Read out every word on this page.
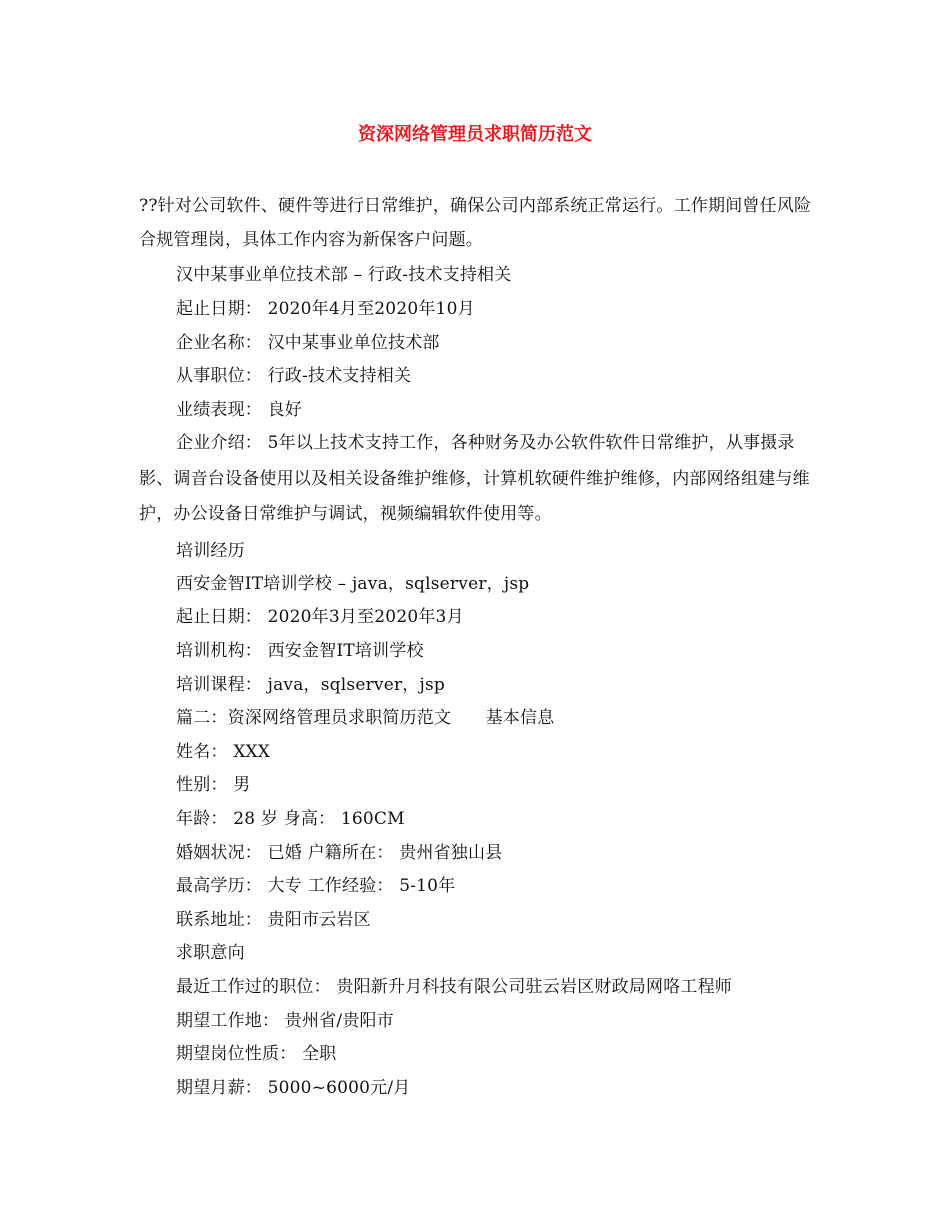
资深网络管理员求职简历范文
??针对公司软件、硬件等进行日常维护，确保公司内部系统正常运行。工作期间曾任风险合规管理岗，具体工作内容为新保客户问题。
汉中某事业单位技术部 – 行政-技术支持相关
起止日期： 2020年4月至2020年10月
企业名称： 汉中某事业单位技术部
从事职位： 行政-技术支持相关
业绩表现： 良好
企业介绍： 5年以上技术支持工作，各种财务及办公软件软件日常维护，从事摄录影、调音台设备使用以及相关设备维护维修，计算机软硬件维护维修，内部网络组建与维护，办公设备日常维护与调试，视频编辑软件使用等。
培训经历
西安金智IT培训学校 – java，sqlserver，jsp
起止日期： 2020年3月至2020年3月
培训机构： 西安金智IT培训学校
培训课程： java，sqlserver，jsp
篇二：资深网络管理员求职简历范文　　基本信息
姓名： XXX
性别： 男
年龄： 28 岁 身高： 160CM
婚姻状况： 已婚 户籍所在： 贵州省独山县
最高学历： 大专 工作经验： 5-10年
联系地址： 贵阳市云岩区
求职意向
最近工作过的职位： 贵阳新升月科技有限公司驻云岩区财政局网咯工程师
期望工作地： 贵州省/贵阳市
期望岗位性质： 全职
期望月薪： 5000~6000元/月
